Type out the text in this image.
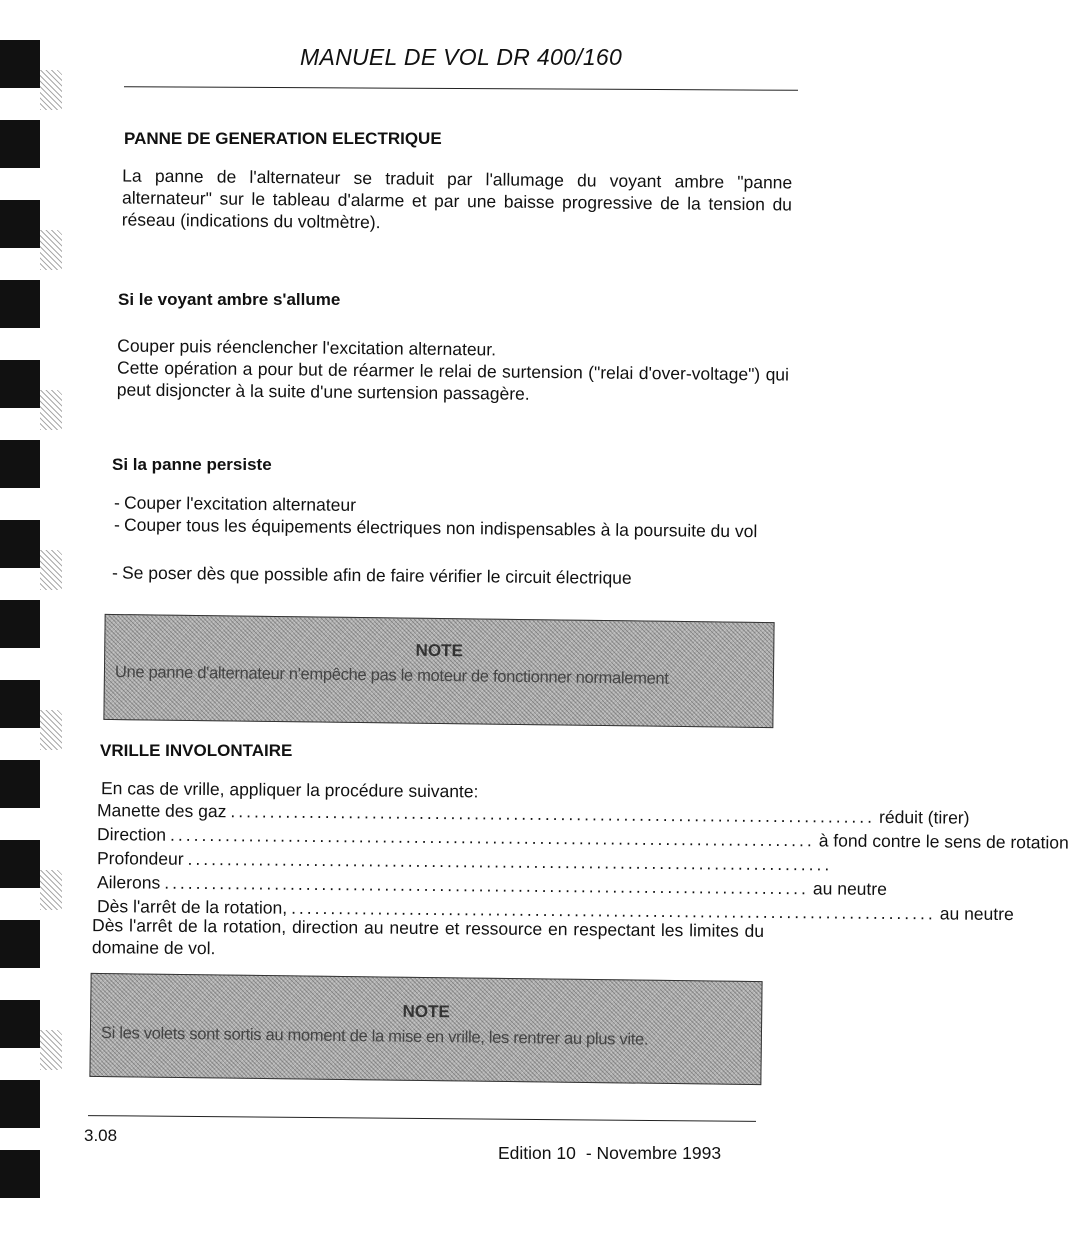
MANUEL DE VOL DR 400/160
PANNE DE GENERATION ELECTRIQUE

La panne de l'alternateur se traduit par l'allumage du voyant ambre "panne alternateur" sur le tableau d'alarme et par une baisse progressive de la tension du réseau (indications du voltmètre).

Si le voyant ambre s'allume

Couper puis réenclencher l'excitation alternateur.

Cette opération a pour but de réarmer le relai de surtension ("relai d'over-voltage") qui peut disjoncter à la suite d'une surtension passagère.

Si la panne persiste
- Couper l'excitation alternateur
- Couper tous les équipements électriques non indispensables à la poursuite du vol
- Se poser dès que possible afin de faire vérifier le circuit électrique
NOTE
Une panne d'alternateur n'empêche pas le moteur de fonctionner normalement
VRILLE INVOLONTAIRE

En cas de vrille, appliquer la procédure suivante:

Manette des gaz .................................................................................. réduit (tirer)
Direction .................................................................................. à fond contre le sens de rotation
Profondeur ..................................................................................
Ailerons .................................................................................. au neutre
Dès l'arrêt de la rotation, .................................................................................. au neutre

Dès l'arrêt de la rotation, direction au neutre et ressource en respectant les limites du domaine de vol.

NOTE
Si les volets sont sortis au moment de la mise en vrille, les rentrer au plus vite.
3.08
Edition 10 - Novembre 1993
